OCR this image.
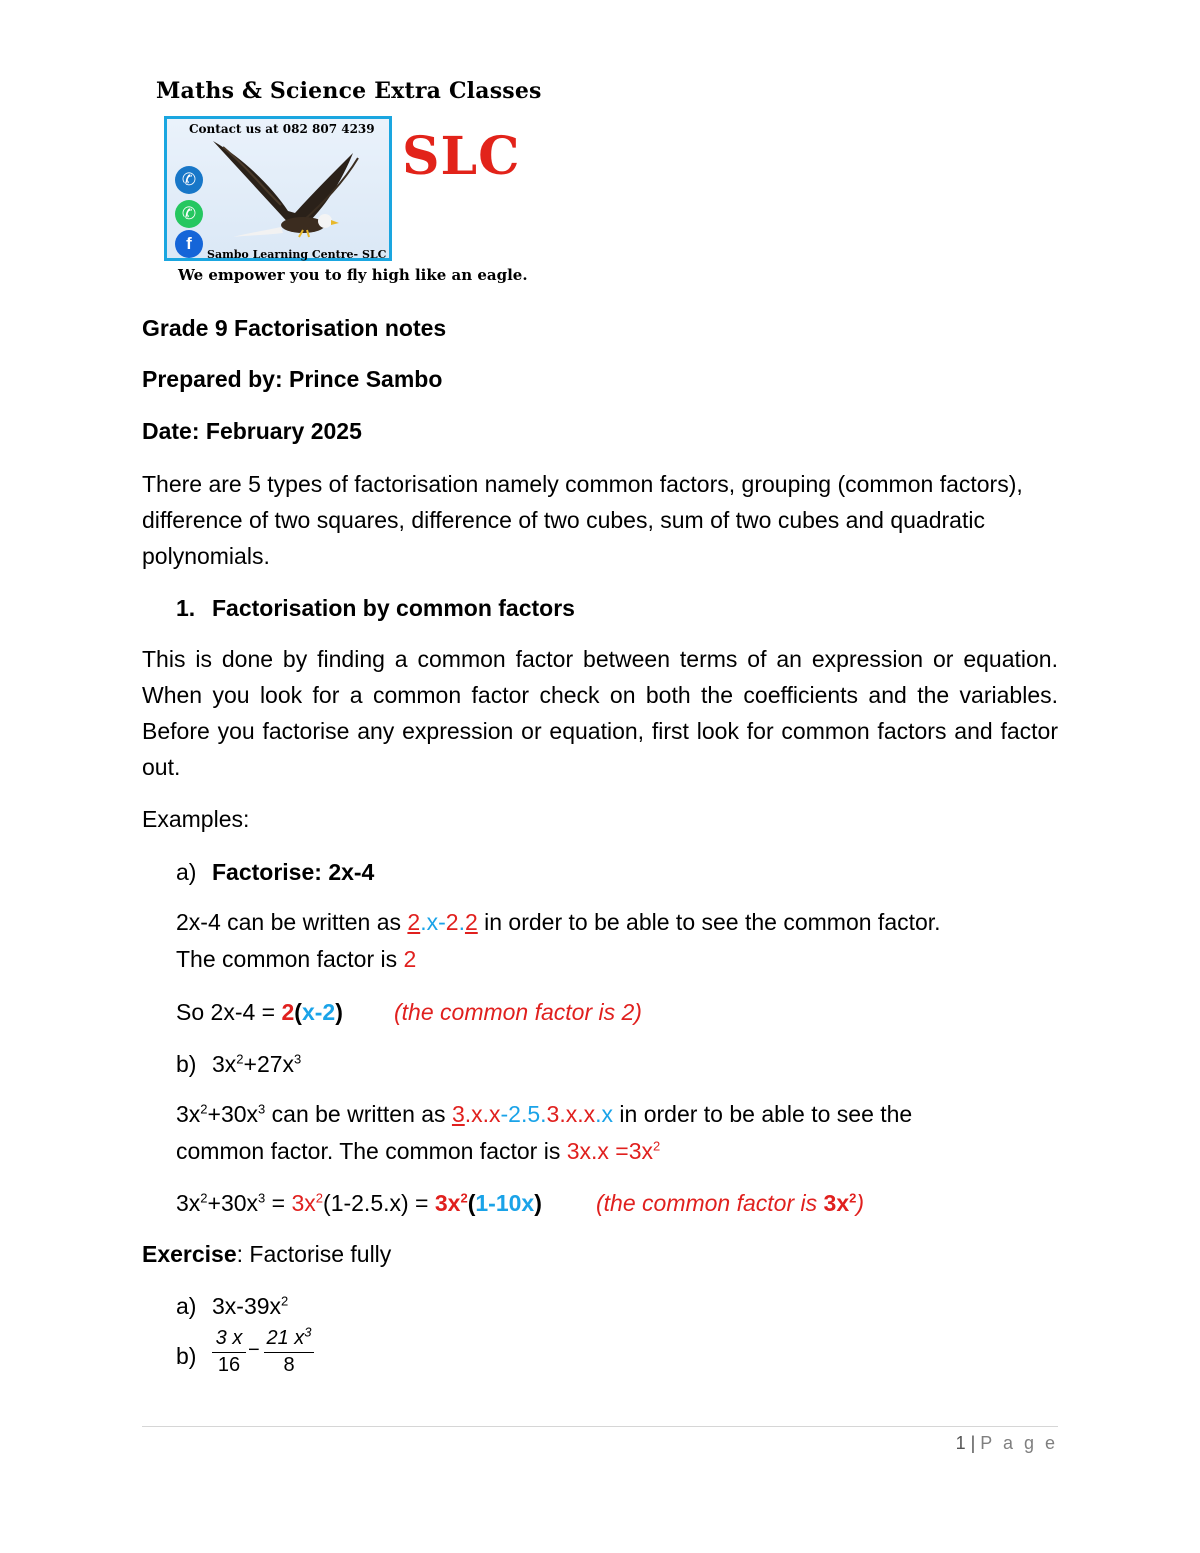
Maths & Science Extra Classes
Contact us at 082 807 4239
✆
✆
f
Sambo Learning Centre- SLC
SLC
We empower you to fly high like an eagle.
Grade 9 Factorisation notes
Prepared by: Prince Sambo
Date: February 2025
There are 5 types of factorisation namely common factors, grouping (common factors), difference of two squares, difference of two cubes, sum of two cubes and quadratic polynomials.
1. Factorisation by common factors
This is done by finding a common factor between terms of an expression or equation. When you look for a common factor check on both the coefficients and the variables. Before you factorise any expression or equation, first look for common factors and factor out.
Examples:
a) Factorise: 2x-4
2x-4 can be written as 2.x-2.2 in order to be able to see the common factor.
The common factor is 2
So 2x-4 = 2(x-2) (the common factor is 2)
b) $3x^2+27x^3$
$3x^2+30x^3$ can be written as 3.x.x-2.5.3.x.x.x in order to be able to see the
common factor. The common factor is $3x.x =3x^2$
$3x^2+30x^3 = 3x^2(1-2.5.x) = 3x^2(1-10x)$ (the common factor is $3x^2$)
Exercise: Factorise fully
a) $3x-39x^2$
b)
3 x
16
−
21 $x^3$
8
1 | P a g e
